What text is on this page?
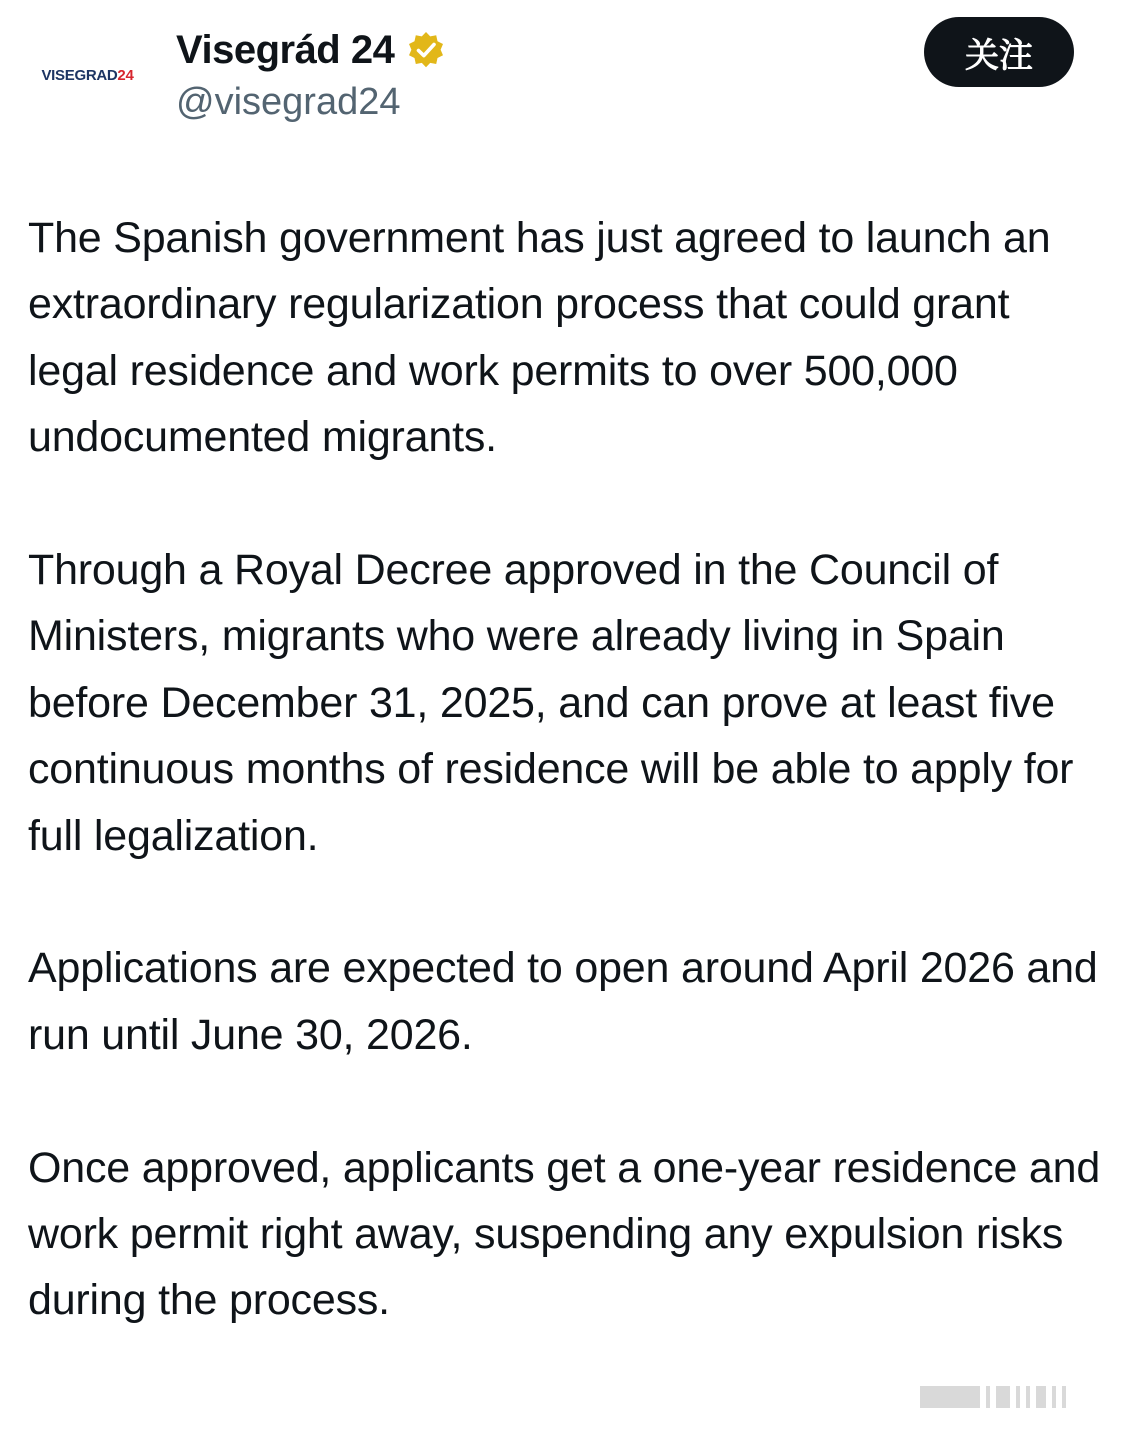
VISEGRAD24
Visegrád 24
@visegrad24
关注

The Spanish government has just agreed to launch an extraordinary regularization process that could grant legal residence and work permits to over 500,000 undocumented migrants.

Through a Royal Decree approved in the Council of Ministers, migrants who were already living in Spain before December 31, 2025, and can prove at least five continuous months of residence will be able to apply for full legalization.

Applications are expected to open around April 2026 and run until June 30, 2026.

Once approved, applicants get a one-year residence and work permit right away, suspending any expulsion risks during the process.
